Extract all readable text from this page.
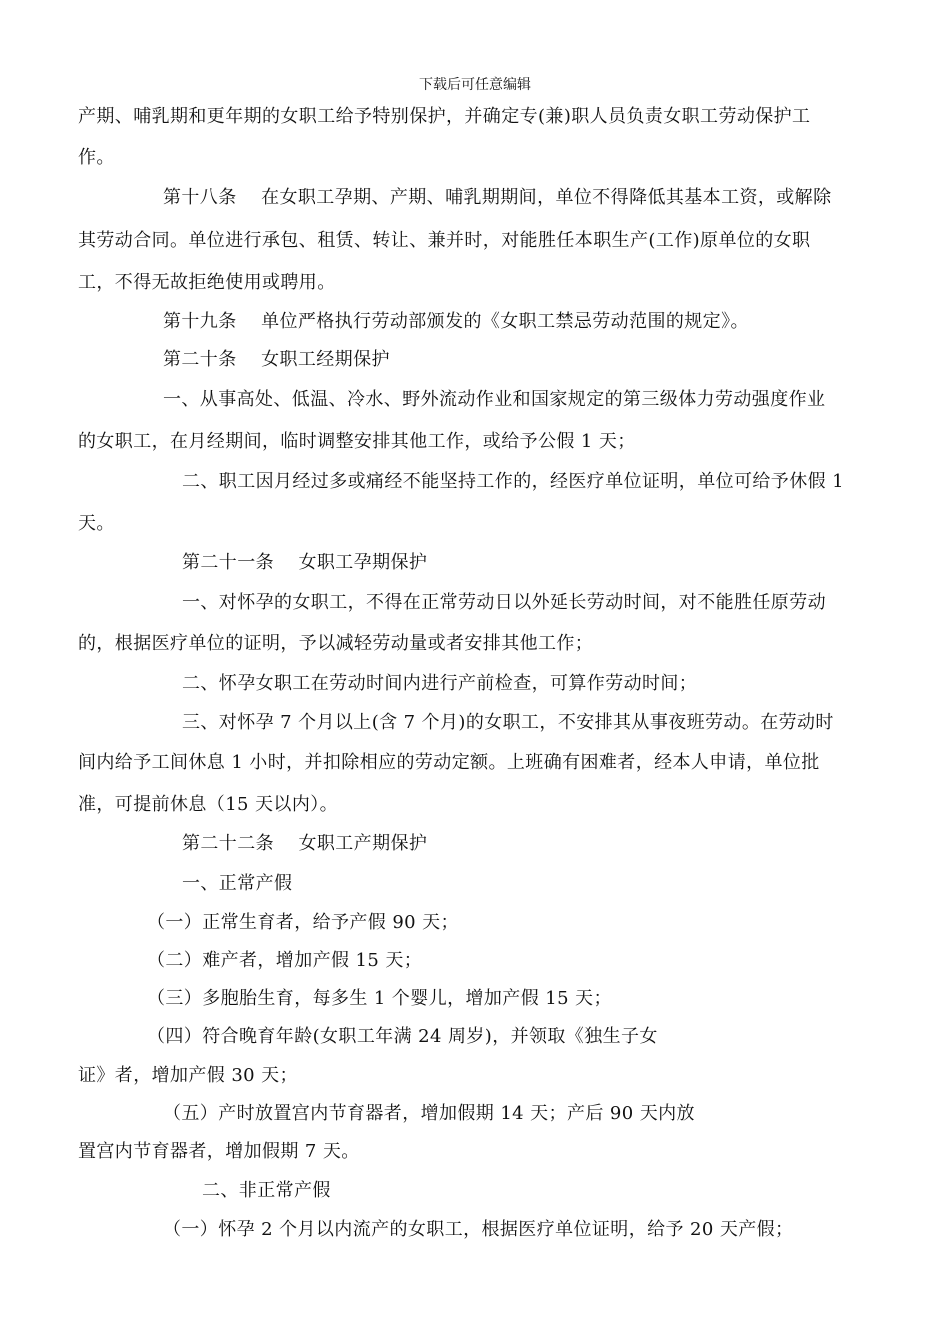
下载后可任意编辑
产期、哺乳期和更年期的女职工给予特别保护，并确定专(兼)职人员负责女职工劳动保护工
作。
第十八条    在女职工孕期、产期、哺乳期期间，单位不得降低其基本工资，或解除
其劳动合同。单位进行承包、租赁、转让、兼并时，对能胜任本职生产(工作)原单位的女职
工，不得无故拒绝使用或聘用。
第十九条    单位严格执行劳动部颁发的《女职工禁忌劳动范围的规定》。
第二十条    女职工经期保护
一、从事高处、低温、冷水、野外流动作业和国家规定的第三级体力劳动强度作业
的女职工，在月经期间，临时调整安排其他工作，或给予公假 1 天；
二、职工因月经过多或痛经不能坚持工作的，经医疗单位证明，单位可给予休假 1
天。
第二十一条    女职工孕期保护
一、对怀孕的女职工，不得在正常劳动日以外延长劳动时间，对不能胜任原劳动
的，根据医疗单位的证明，予以减轻劳动量或者安排其他工作；
二、怀孕女职工在劳动时间内进行产前检查，可算作劳动时间；
三、对怀孕 7 个月以上(含 7 个月)的女职工，不安排其从事夜班劳动。在劳动时
间内给予工间休息 1 小时，并扣除相应的劳动定额。上班确有困难者，经本人申请，单位批
准，可提前休息（15 天以内）。
第二十二条    女职工产期保护
一、正常产假
（一）正常生育者，给予产假 90 天；
（二）难产者，增加产假 15 天；
（三）多胞胎生育，每多生 1 个婴儿，增加产假 15 天；
（四）符合晚育年龄(女职工年满 24 周岁)，并领取《独生子女
证》者，增加产假 30 天；
（五）产时放置宫内节育器者，增加假期 14 天；产后 90 天内放
置宫内节育器者，增加假期 7 天。
二、非正常产假
（一）怀孕 2 个月以内流产的女职工，根据医疗单位证明，给予 20 天产假；
